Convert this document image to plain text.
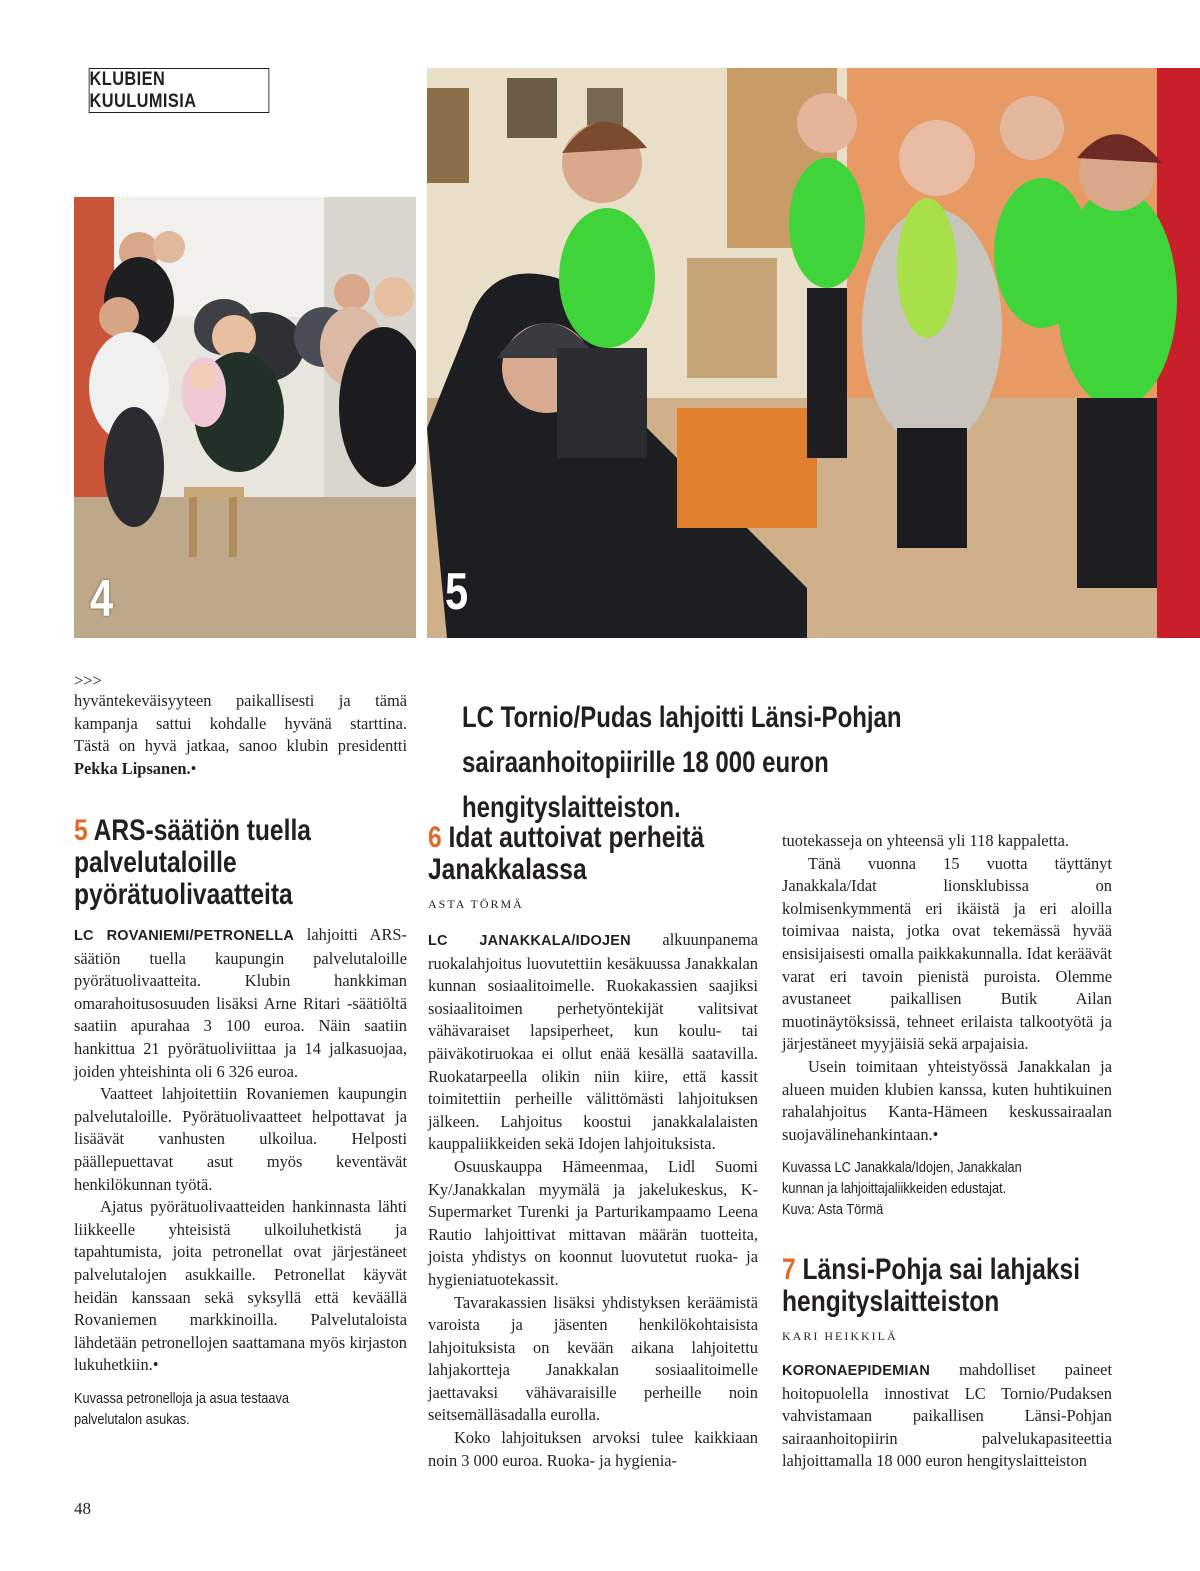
KLUBIEN KUULUMISIA
4	5
>>>
hyväntekeväisyyteen paikallisesti ja tämä
kampanja sattui kohdalle hyvänä starttina.
Tästä on hyvä jatkaa, sanoo klubin presidentti
Pekka Lipsanen.•
LC Tornio/Pudas lahjoitti Länsi-Pohjan sairaanhoitopiirille 18 000 euron hengityslaitteiston.
5 ARS-säätiön tuella
palvelutaloille
pyörätuolivaatteita

LC ROVANIEMI/PETRONELLA lahjoitti ARS-säätiön tuella kaupungin palvelutaloille pyörätuolivaatteita. Klubin hankkiman omarahoitusosuuden lisäksi Arne Ritari -säätiöltä saatiin apurahaa 3 100 euroa. Näin saatiin hankittua 21 pyörätuoliviittaa ja 14 jalkasuojaa, joiden yhteishinta oli 6 326 euroa.

Vaatteet lahjoitettiin Rovaniemen kaupungin palvelutaloille. Pyörätuolivaatteet helpottavat ja lisäävät vanhusten ulkoilua. Helposti päällepuettavat asut myös keventävät henkilökunnan työtä.

Ajatus pyörätuolivaatteiden hankinnasta lähti liikkeelle yhteisistä ulkoiluhetkistä ja tapahtumista, joita petronellat ovat järjestäneet palvelutalojen asukkaille. Petronellat käyvät heidän kanssaan sekä syksyllä että keväällä Rovaniemen markkinoilla. Palvelutaloista lähdetään petronellojen saattamana myös kirjaston lukuhetkiin.•

Kuvassa petronelloja ja asua testaava
palvelutalon asukas.
6 Idat auttoivat perheitä
Janakkalassa
ASTA TÖRMÄ

LC JANAKKALA/IDOJEN alkuunpanema ruokalahjoitus luovutettiin kesäkuussa Janakkalan kunnan sosiaalitoimelle. Ruokakassien saajiksi sosiaalitoimen perhetyöntekijät valitsivat vähävaraiset lapsiperheet, kun koulu- tai päiväkotiruokaa ei ollut enää kesällä saatavilla. Ruokatarpeella olikin niin kiire, että kassit toimitettiin perheille välittömästi lahjoituksen jälkeen. Lahjoitus koostui janakkalalaisten kauppaliikkeiden sekä Idojen lahjoituksista.

Osuuskauppa Hämeenmaa, Lidl Suomi Ky/Janakkalan myymälä ja jakelukeskus, K-Supermarket Turenki ja Parturikampaamo Leena Rautio lahjoittivat mittavan määrän tuotteita, joista yhdistys on koonnut luovutetut ruoka- ja hygieniatuotekassit.

Tavarakassien lisäksi yhdistyksen keräämistä varoista ja jäsenten henkilökohtaisista lahjoituksista on kevään aikana lahjoitettu lahjakortteja Janakkalan sosiaalitoimelle jaettavaksi vähävaraisille perheille noin seitsemälläsadalla eurolla.

Koko lahjoituksen arvoksi tulee kaikkiaan noin 3 000 euroa. Ruoka- ja hygienia-

tuotekasseja on yhteensä yli 118 kappaletta.

Tänä vuonna 15 vuotta täyttänyt Janakkala/Idat lionsklubissa on kolmisenkymmentä eri ikäistä ja eri aloilla toimivaa naista, jotka ovat tekemässä hyvää ensisijaisesti omalla paikkakunnalla. Idat keräävät varat eri tavoin pienistä puroista. Olemme avustaneet paikallisen Butik Ailan muotinäytöksissä, tehneet erilaista talkootyötä ja järjestäneet myyjäisiä sekä arpajaisia.

Usein toimitaan yhteistyössä Janakkalan ja alueen muiden klubien kanssa, kuten huhtikuinen rahalahjoitus Kanta-Hämeen keskussairaalan suojavälinehankintaan.•

Kuvassa LC Janakkala/Idojen, Janakkalan
kunnan ja lahjoittajaliikkeiden edustajat.
Kuva: Asta Törmä
7 Länsi-Pohja sai lahjaksi
hengityslaitteiston
KARI HEIKKILÄ

KORONAEPIDEMIAN mahdolliset paineet hoitopuolella innostivat LC Tornio/Pudaksen vahvistamaan paikallisen Länsi-Pohjan sairaanhoitopiirin palvelukapasiteettia lahjoittamalla 18 000 euron hengityslaitteiston

48
